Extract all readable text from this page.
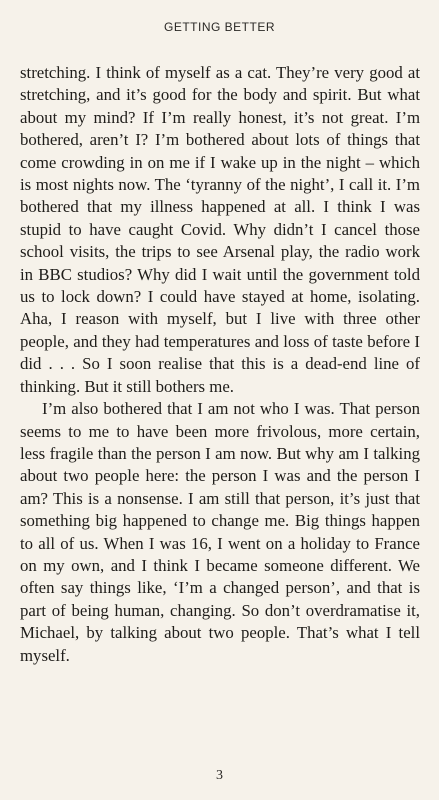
GETTING BETTER

stretching. I think of myself as a cat. They’re very good at stretching, and it’s good for the body and spirit. But what about my mind? If I’m really honest, it’s not great. I’m bothered, aren’t I? I’m bothered about lots of things that come crowding in on me if I wake up in the night – which is most nights now. The ‘tyranny of the night’, I call it. I’m bothered that my illness happened at all. I think I was stupid to have caught Covid. Why didn’t I cancel those school visits, the trips to see Arsenal play, the radio work in BBC studios? Why did I wait until the government told us to lock down? I could have stayed at home, isolating. Aha, I reason with myself, but I live with three other people, and they had temperatures and loss of taste before I did . . . So I soon realise that this is a dead-end line of thinking. But it still bothers me.

I’m also bothered that I am not who I was. That person seems to me to have been more frivolous, more certain, less fragile than the person I am now. But why am I talking about two people here: the person I was and the person I am? This is a nonsense. I am still that person, it’s just that something big happened to change me. Big things happen to all of us. When I was 16, I went on a holiday to France on my own, and I think I became someone different. We often say things like, ‘I’m a changed person’, and that is part of being human, changing. So don’t overdramatise it, Michael, by talking about two people. That’s what I tell myself.

3
